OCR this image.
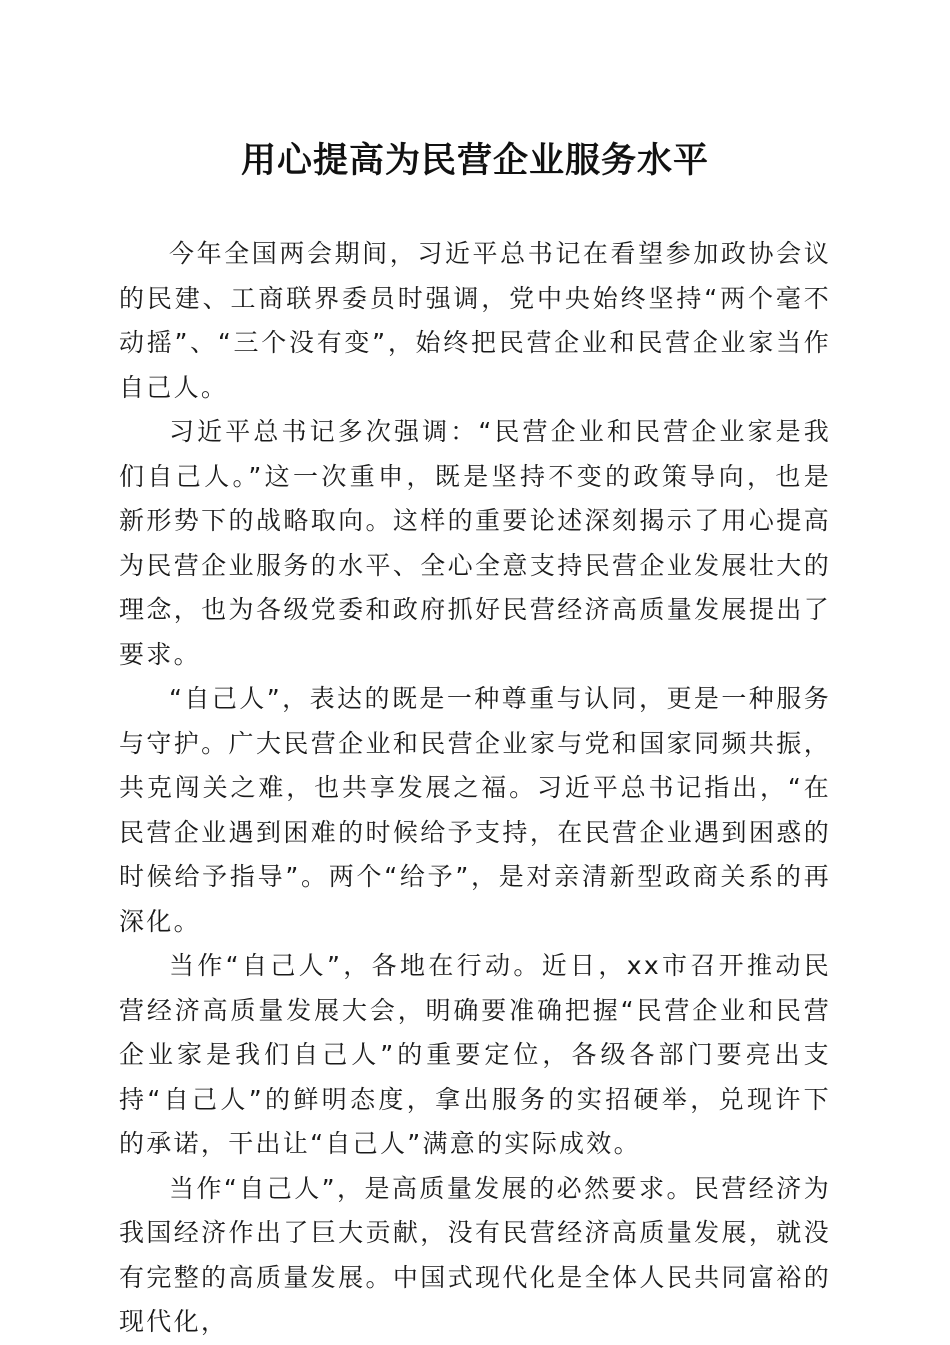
用心提高为民营企业服务水平

今年全国两会期间，习近平总书记在看望参加政协会议的民建、工商联界委员时强调，党中央始终坚持“两个毫不动摇”、“三个没有变”，始终把民营企业和民营企业家当作自己人。

习近平总书记多次强调：“民营企业和民营企业家是我们自己人。”这一次重申，既是坚持不变的政策导向，也是新形势下的战略取向。这样的重要论述深刻揭示了用心提高为民营企业服务的水平、全心全意支持民营企业发展壮大的理念，也为各级党委和政府抓好民营经济高质量发展提出了要求。

“自己人”，表达的既是一种尊重与认同，更是一种服务与守护。广大民营企业和民营企业家与党和国家同频共振，共克闯关之难，也共享发展之福。习近平总书记指出，“在民营企业遇到困难的时候给予支持，在民营企业遇到困惑的时候给予指导”。两个“给予”，是对亲清新型政商关系的再深化。

当作“自己人”，各地在行动。近日，xx市召开推动民营经济高质量发展大会，明确要准确把握“民营企业和民营企业家是我们自己人”的重要定位，各级各部门要亮出支持“自己人”的鲜明态度，拿出服务的实招硬举，兑现许下的承诺，干出让“自己人”满意的实际成效。

当作“自己人”，是高质量发展的必然要求。民营经济为我国经济作出了巨大贡献，没有民营经济高质量发展，就没有完整的高质量发展。中国式现代化是全体人民共同富裕的现代化，
